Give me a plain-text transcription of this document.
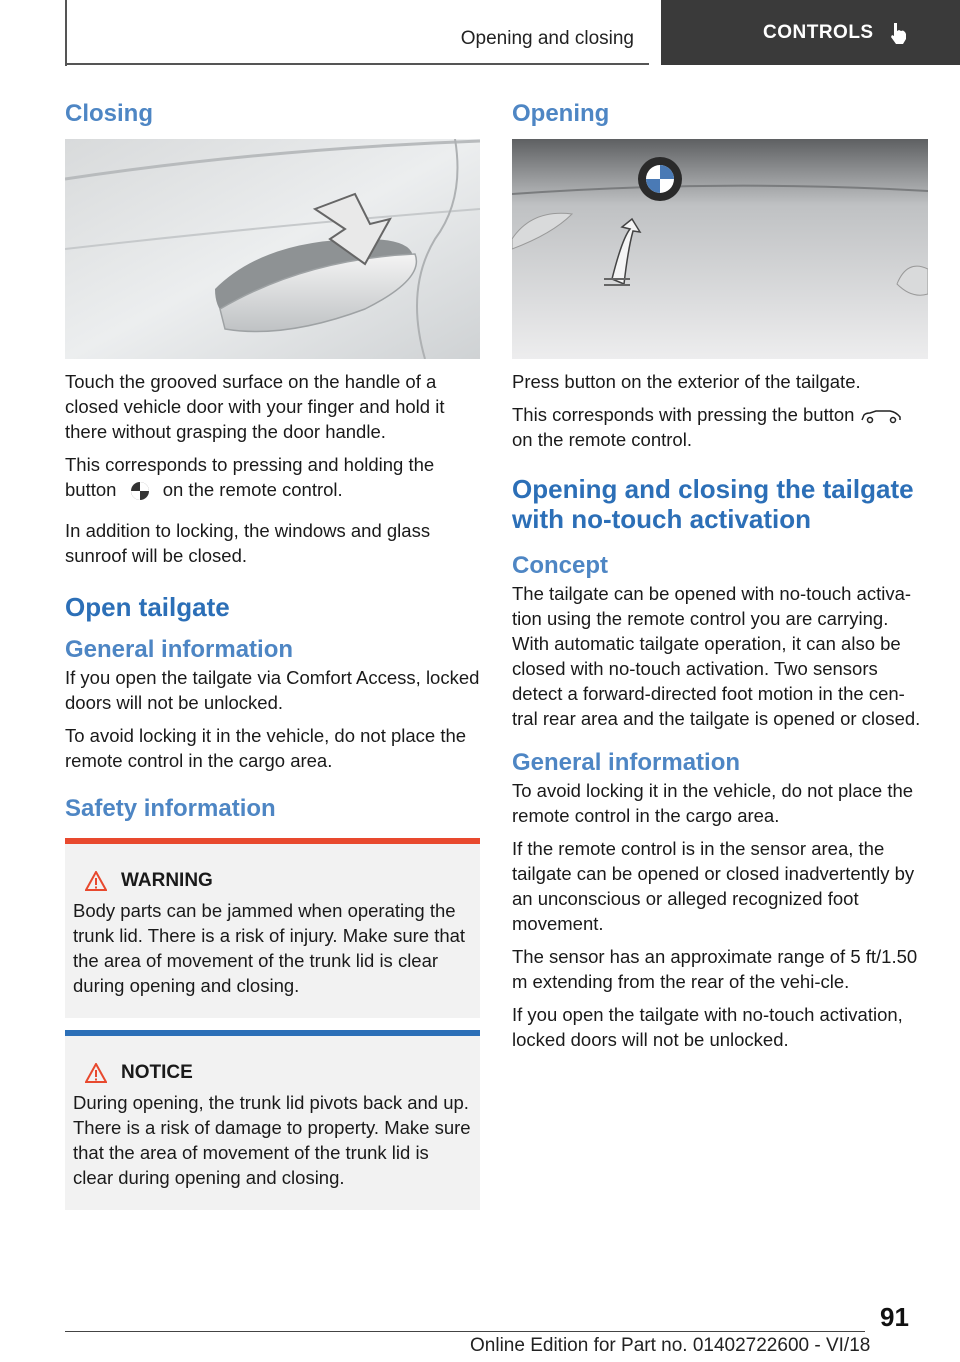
Opening and closing	CONTROLS
Closing

Touch the grooved surface on the handle of a closed vehicle door with your finger and hold it there without grasping the door handle.

This corresponds to pressing and holding the button	on the remote control.

In addition to locking, the windows and glass sunroof will be closed.

Open tailgate
General information

If you open the tailgate via Comfort Access, locked doors will not be unlocked.

To avoid locking it in the vehicle, do not place the remote control in the cargo area.

Safety information
WARNING

Body parts can be jammed when operating the trunk lid. There is a risk of injury. Make sure that the area of movement of the trunk lid is clear during opening and closing.

NOTICE

During opening, the trunk lid pivots back and up. There is a risk of damage to property. Make sure that the area of movement of the trunk lid is clear during opening and closing.

Opening

Press button on the exterior of the tailgate.

This corresponds with pressing the button  on the remote control.

Opening and closing the tailgate with no-touch activation
Concept

The tailgate can be opened with no-touch activa-tion using the remote control you are carrying. With automatic tailgate operation, it can also be closed with no-touch activation. Two sensors detect a forward-directed foot motion in the cen-tral rear area and the tailgate is opened or closed.

General information

To avoid locking it in the vehicle, do not place the remote control in the cargo area.

If the remote control is in the sensor area, the tailgate can be opened or closed inadvertently by an unconscious or alleged recognized foot movement.

The sensor has an approximate range of 5 ft/1.50 m extending from the rear of the vehi-cle.

If you open the tailgate with no-touch activation, locked doors will not be unlocked.

91
Online Edition for Part no. 01402722600 - VI/18
